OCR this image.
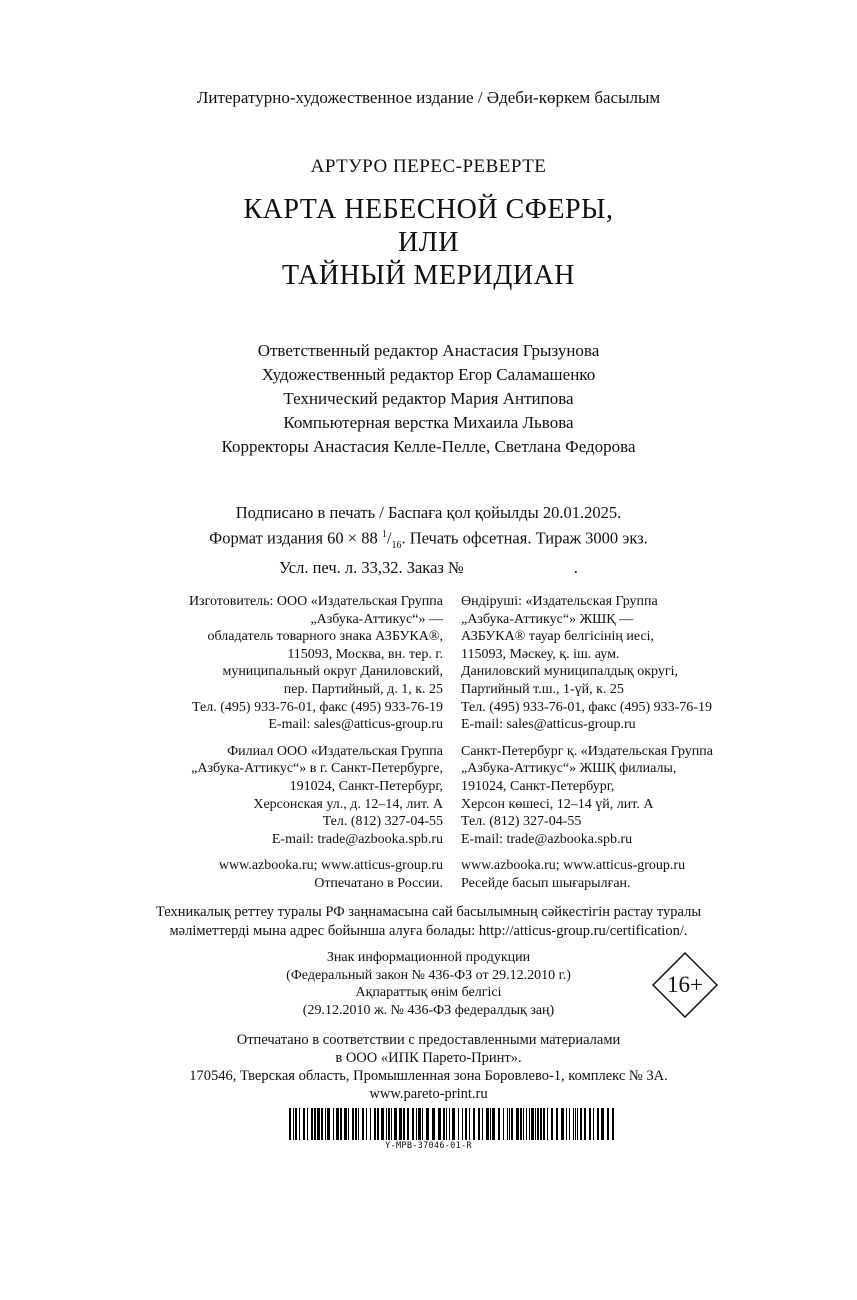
Литературно-художественное издание / Әдеби-көркем басылым
АРТУРО ПЕРЕС-РЕВЕРТЕ
КАРТА НЕБЕСНОЙ СФЕРЫ,
ИЛИ
ТАЙНЫЙ МЕРИДИАН
Ответственный редактор Анастасия Грызунова
Художественный редактор Егор Саламашенко
Технический редактор Мария Антипова
Компьютерная верстка Михаила Львова
Корректоры Анастасия Келле-Пелле, Светлана Федорова
Подписано в печать / Баспаға қол қойылды 20.01.2025.
Формат издания 60 × 88 $^1/_{16}$. Печать офсетная. Тираж 3000 экз.
Усл. печ. л. 33,32. Заказ №	.
Изготовитель: ООО «Издательская Группа
„Азбука-Аттикус“» —
обладатель товарного знака АЗБУКА®,
115093, Москва, вн. тер. г.
муниципальный округ Даниловский,
пер. Партийный, д. 1, к. 25
Тел. (495) 933-76-01, факс (495) 933-76-19
E-mail: sales@atticus-group.ru
Филиал ООО «Издательская Группа
„Азбука-Аттикус“» в г. Санкт-Петербурге,
191024, Санкт-Петербург,
Херсонская ул., д. 12–14, лит. А
Тел. (812) 327-04-55
E-mail: trade@azbooka.spb.ru
www.azbooka.ru; www.atticus-group.ru
Отпечатано в России.
Өндіруші: «Издательская Группа
„Азбука-Аттикус“» ЖШҚ —
АЗБУКА® тауар белгісінің иесі,
115093, Мәскеу, қ. іш. аум.
Даниловский муниципалдық округі,
Партийный т.ш., 1-үй, к. 25
Тел. (495) 933-76-01, факс (495) 933-76-19
E-mail: sales@atticus-group.ru
Санкт-Петербург қ. «Издательская Группа
„Азбука-Аттикус“» ЖШҚ филиалы,
191024, Санкт-Петербург,
Херсон көшесі, 12–14 үй, лит. А
Тел. (812) 327-04-55
E-mail: trade@azbooka.spb.ru
www.azbooka.ru; www.atticus-group.ru
Ресейде басып шығарылған.
Техникалық реттеу туралы РФ заңнамасына сай басылымның сәйкестігін растау туралы
мәліметтерді мына адрес бойынша алуға болады: http://atticus-group.ru/certification/.
Знак информационной продукции
(Федеральный закон № 436-ФЗ от 29.12.2010 г.)
Ақпараттық өнім белгісі
(29.12.2010 ж. № 436-ФЗ федералдық заң)
16+
Отпечатано в соответствии с предоставленными материалами
в ООО «ИПК Парето-Принт».
170546, Тверская область, Промышленная зона Боровлево-1, комплекс № 3А.
www.pareto-print.ru
Y-MPB-37046-01-R
